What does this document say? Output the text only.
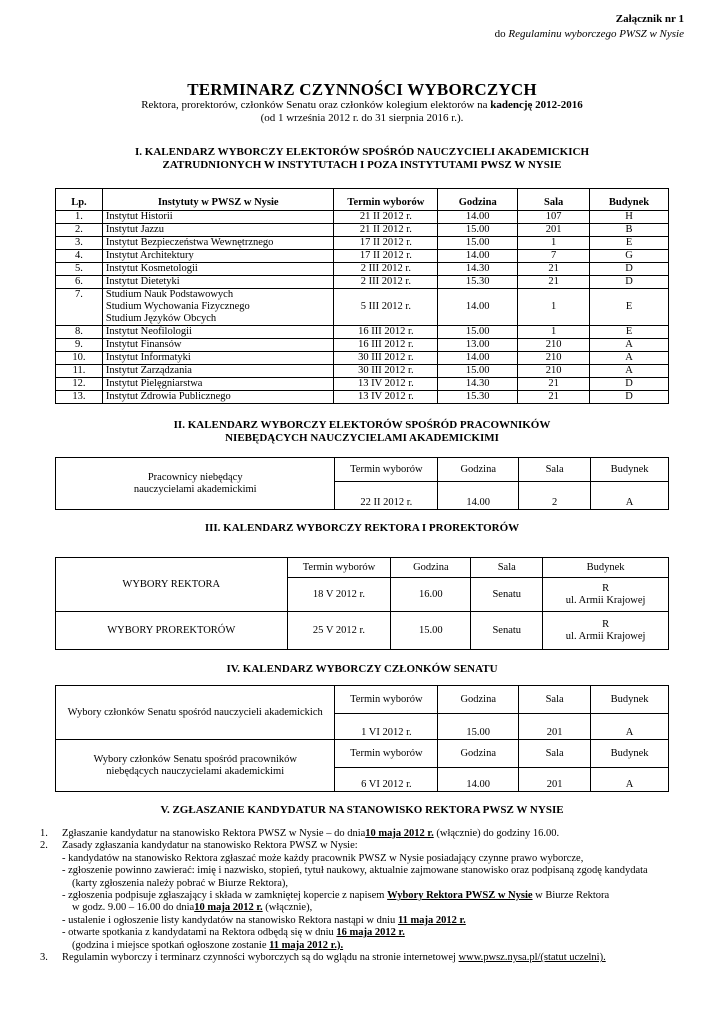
Załącznik nr 1
do Regulaminu wyborczego PWSZ w Nysie
TERMINARZ CZYNNOŚCI WYBORCZYCH
Rektora, prorektorów, członków Senatu oraz członków kolegium elektorów na kadencję 2012-2016
(od 1 września 2012 r. do 31 sierpnia 2016 r.).
I. KALENDARZ WYBORCZY ELEKTORÓW SPOŚRÓD NAUCZYCIELI AKADEMICKICH
ZATRUDNIONYCH W INSTYTUTACH I POZA INSTYTUTAMI PWSZ W NYSIE
Lp.	Instytuty w PWSZ w Nysie	Termin wyborów	Godzina	Sala	Budynek
1.	Instytut Historii	21 II 2012 r.	14.00	107	H
2.	Instytut Jazzu	21 II 2012 r.	15.00	201	B
3.	Instytut Bezpieczeństwa Wewnętrznego	17 II 2012 r.	15.00	1	E
4.	Instytut Architektury	17 II 2012 r.	14.00	7	G
5.	Instytut Kosmetologii	2 III 2012 r.	14.30	21	D
6.	Instytut Dietetyki	2 III 2012 r.	15.30	21	D
7.	Studium Nauk Podstawowych
Studium Wychowania Fizycznego
Studium Języków Obcych	5 III 2012 r.	14.00	1	E
8.	Instytut Neofilologii	16 III 2012 r.	15.00	1	E
9.	Instytut Finansów	16 III 2012 r.	13.00	210	A
10.	Instytut Informatyki	30 III 2012 r.	14.00	210	A
11.	Instytut Zarządzania	30 III 2012 r.	15.00	210	A
12.	Instytut Pielęgniarstwa	13 IV 2012 r.	14.30	21	D
13.	Instytut Zdrowia Publicznego	13 IV 2012 r.	15.30	21	D
II. KALENDARZ WYBORCZY ELEKTORÓW SPOŚRÓD PRACOWNIKÓW
NIEBĘDĄCYCH NAUCZYCIELAMI AKADEMICKIMI
Pracownicy niebędący
nauczycielami akademickimi	Termin wyborów	Godzina	Sala	Budynek
	22 II 2012 r.	14.00	2	A
III. KALENDARZ WYBORCZY REKTORA I PROREKTORÓW
WYBORY REKTORA	Termin wyborów	Godzina	Sala	Budynek
	18 V 2012 r.	16.00	Senatu	R
ul. Armii Krajowej

WYBORY PROREKTORÓW	25 V 2012 r.	15.00	Senatu	R
ul. Armii Krajowej
IV. KALENDARZ WYBORCZY CZŁONKÓW SENATU
Wybory członków Senatu spośród nauczycieli akademickich	Termin wyborów	Godzina	Sala	Budynek
	1 VI 2012 r.	15.00	201	A

Wybory członków Senatu spośród pracowników
niebędących nauczycielami akademickimi	Termin wyborów	Godzina	Sala	Budynek
	6 VI 2012 r.	14.00	201	A
V. ZGŁASZANIE KANDYDATUR NA STANOWISKO REKTORA PWSZ W NYSIE
1. Zgłaszanie kandydatur na stanowisko Rektora PWSZ w Nysie – do dnia10 maja 2012 r. (włącznie) do godziny 16.00.
2. Zasady zgłaszania kandydatur na stanowisko Rektora PWSZ w Nysie:
- kandydatów na stanowisko Rektora zgłaszać może każdy pracownik PWSZ w Nysie posiadający czynne prawo wyborcze,
- zgłoszenie powinno zawierać: imię i nazwisko, stopień, tytuł naukowy, aktualnie zajmowane stanowisko oraz podpisaną zgodę kandydata
(karty zgłoszenia należy pobrać w Biurze Rektora),
- zgłoszenia podpisuje zgłaszający i składa w zamkniętej kopercie z napisem Wybory Rektora PWSZ w Nysie w Biurze Rektora
w godz. 9.00 – 16.00 do dnia10 maja 2012 r. (włącznie),
- ustalenie i ogłoszenie listy kandydatów na stanowisko Rektora nastąpi w dniu 11 maja 2012 r.
- otwarte spotkania z kandydatami na Rektora odbędą się w dniu 16 maja 2012 r.
(godzina i miejsce spotkań ogłoszone zostanie 11 maja 2012 r.).
3. Regulamin wyborczy i terminarz czynności wyborczych są do wglądu na stronie internetowej www.pwsz.nysa.pl/(statut uczelni).
